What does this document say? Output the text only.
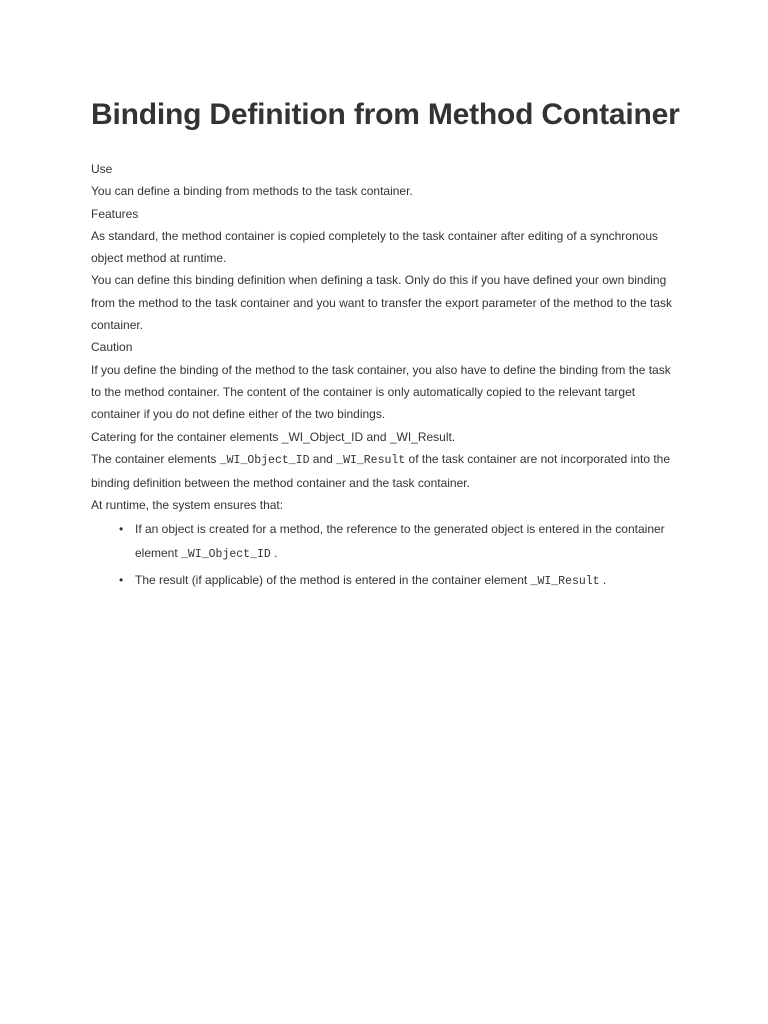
Binding Definition from Method Container

Use

You can define a binding from methods to the task container.

Features

As standard, the method container is copied completely to the task container after editing of a synchronous object method at runtime.

You can define this binding definition when defining a task. Only do this if you have defined your own binding from the method to the task container and you want to transfer the export parameter of the method to the task container.

Caution

If you define the binding of the method to the task container, you also have to define the binding from the task to the method container. The content of the container is only automatically copied to the relevant target container if you do not define either of the two bindings.

Catering for the container elements _WI_Object_ID and _WI_Result.

The container elements _WI_Object_ID and _WI_Result of the task container are not incorporated into the binding definition between the method container and the task container.

At runtime, the system ensures that:

• If an object is created for a method, the reference to the generated object is entered in the container element _WI_Object_ID .
• The result (if applicable) of the method is entered in the container element _WI_Result .
